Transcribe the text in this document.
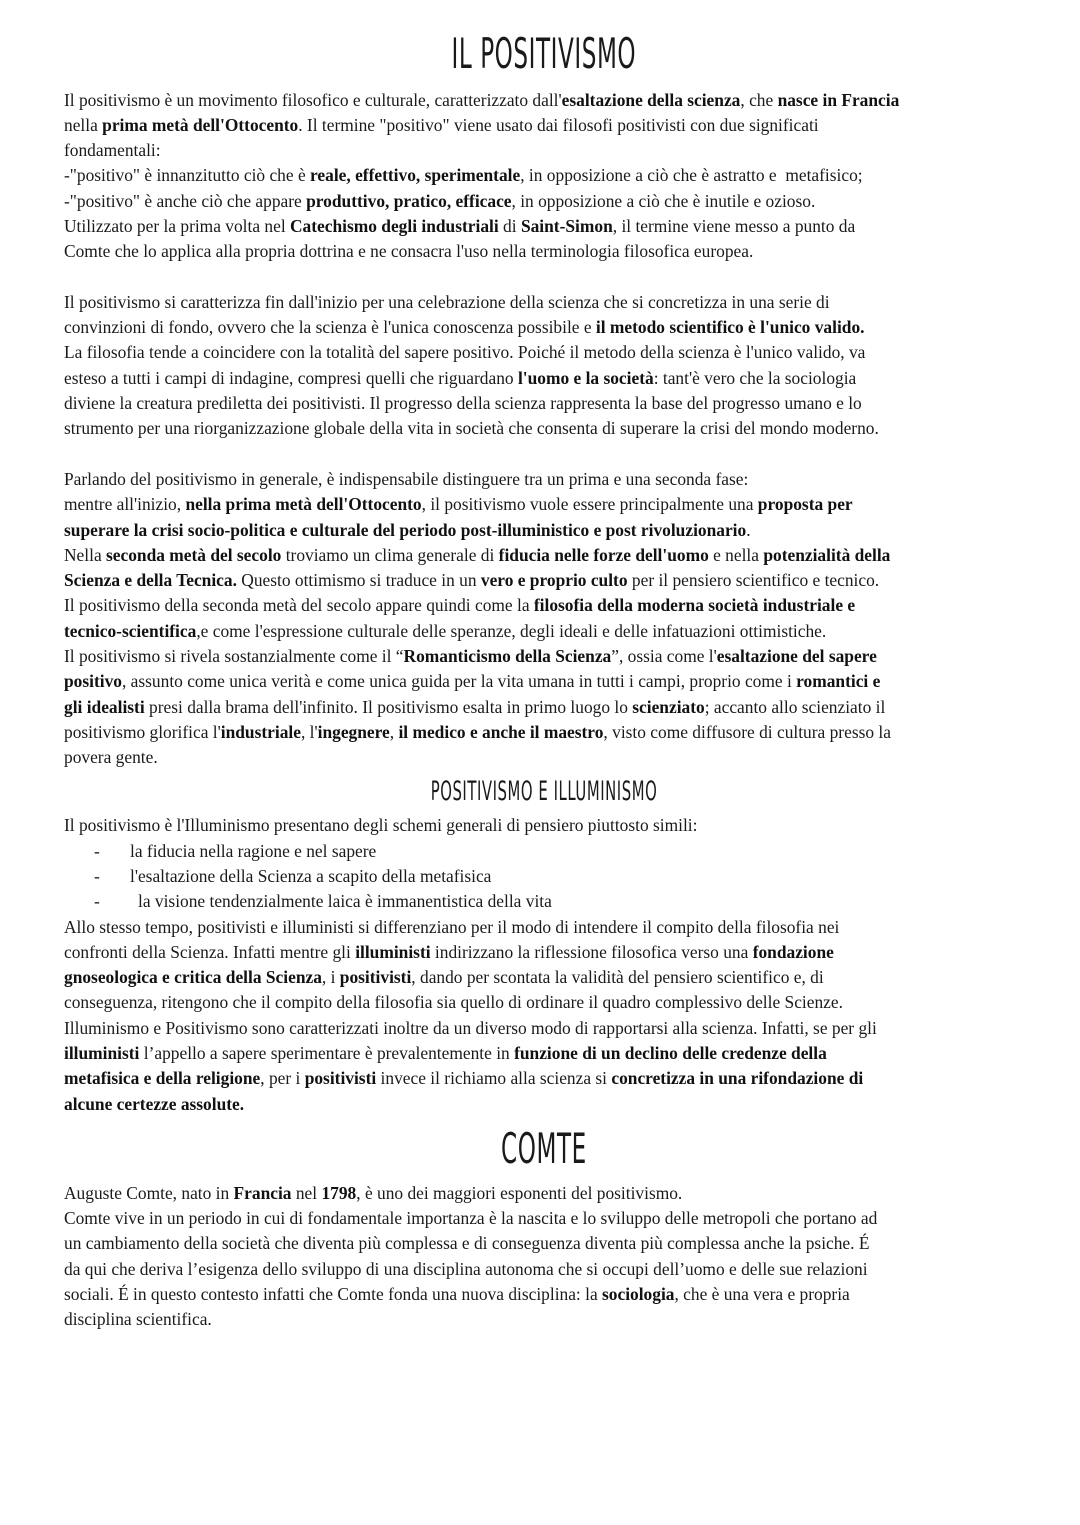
IL POSITIVISMO
Il positivismo è un movimento filosofico e culturale, caratterizzato dall'esaltazione della scienza, che nasce in Francia
nella prima metà dell'Ottocento. Il termine "positivo" viene usato dai filosofi positivisti con due significati
fondamentali:
-"positivo" è innanzitutto ciò che è reale, effettivo, sperimentale, in opposizione a ciò che è astratto e  metafisico;
-"positivo" è anche ciò che appare produttivo, pratico, efficace, in opposizione a ciò che è inutile e ozioso.
Utilizzato per la prima volta nel Catechismo degli industriali di Saint-Simon, il termine viene messo a punto da
Comte che lo applica alla propria dottrina e ne consacra l'uso nella terminologia filosofica europea.
Il positivismo si caratterizza fin dall'inizio per una celebrazione della scienza che si concretizza in una serie di
convinzioni di fondo, ovvero che la scienza è l'unica conoscenza possibile e il metodo scientifico è l'unico valido.
La filosofia tende a coincidere con la totalità del sapere positivo. Poiché il metodo della scienza è l'unico valido, va
esteso a tutti i campi di indagine, compresi quelli che riguardano l'uomo e la società: tant'è vero che la sociologia
diviene la creatura prediletta dei positivisti. Il progresso della scienza rappresenta la base del progresso umano e lo
strumento per una riorganizzazione globale della vita in società che consenta di superare la crisi del mondo moderno.
Parlando del positivismo in generale, è indispensabile distinguere tra un prima e una seconda fase:
mentre all'inizio, nella prima metà dell'Ottocento, il positivismo vuole essere principalmente una proposta per
superare la crisi socio-politica e culturale del periodo post-illuministico e post rivoluzionario.
Nella seconda metà del secolo troviamo un clima generale di fiducia nelle forze dell'uomo e nella potenzialità della
Scienza e della Tecnica. Questo ottimismo si traduce in un vero e proprio culto per il pensiero scientifico e tecnico.
Il positivismo della seconda metà del secolo appare quindi come la filosofia della moderna società industriale e
tecnico-scientifica,e come l'espressione culturale delle speranze, degli ideali e delle infatuazioni ottimistiche.
Il positivismo si rivela sostanzialmente come il “Romanticismo della Scienza”, ossia come l'esaltazione del sapere
positivo, assunto come unica verità e come unica guida per la vita umana in tutti i campi, proprio come i romantici e
gli idealisti presi dalla brama dell'infinito. Il positivismo esalta in primo luogo lo scienziato; accanto allo scienziato il
positivismo glorifica l'industriale, l'ingegnere, il medico e anche il maestro, visto come diffusore di cultura presso la
povera gente.
POSITIVISMO E ILLUMINISMO
Il positivismo è l'Illuminismo presentano degli schemi generali di pensiero piuttosto simili:
- la fiducia nella ragione e nel sapere
- l'esaltazione della Scienza a scapito della metafisica
- la visione tendenzialmente laica è immanentistica della vita
Allo stesso tempo, positivisti e illuministi si differenziano per il modo di intendere il compito della filosofia nei
confronti della Scienza. Infatti mentre gli illuministi indirizzano la riflessione filosofica verso una fondazione
gnoseologica e critica della Scienza, i positivisti, dando per scontata la validità del pensiero scientifico e, di
conseguenza, ritengono che il compito della filosofia sia quello di ordinare il quadro complessivo delle Scienze.
Illuminismo e Positivismo sono caratterizzati inoltre da un diverso modo di rapportarsi alla scienza. Infatti, se per gli
illuministi l’appello a sapere sperimentare è prevalentemente in funzione di un declino delle credenze della
metafisica e della religione, per i positivisti invece il richiamo alla scienza si concretizza in una rifondazione di
alcune certezze assolute.
COMTE
Auguste Comte, nato in Francia nel 1798, è uno dei maggiori esponenti del positivismo.
Comte vive in un periodo in cui di fondamentale importanza è la nascita e lo sviluppo delle metropoli che portano ad
un cambiamento della società che diventa più complessa e di conseguenza diventa più complessa anche la psiche. É
da qui che deriva l’esigenza dello sviluppo di una disciplina autonoma che si occupi dell’uomo e delle sue relazioni
sociali. É in questo contesto infatti che Comte fonda una nuova disciplina: la sociologia, che è una vera e propria
disciplina scientifica.
